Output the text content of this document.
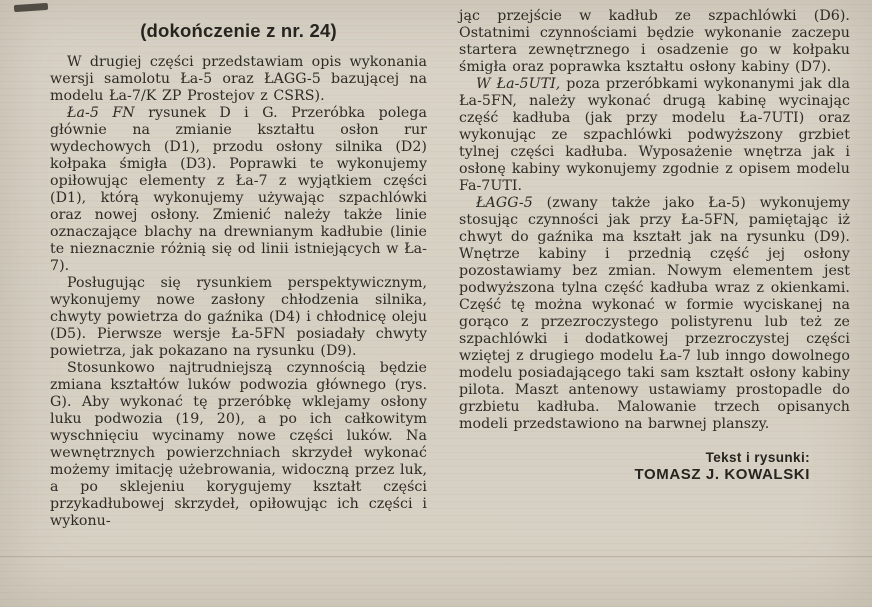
(dokończenie z nr. 24)

W drugiej części przedstawiam opis wykonania wersji samolotu Ła-5 oraz ŁAGG-5 bazującej na modelu Ła-7/K ZP Prostejov z CSRS).

Ła-5 FN rysunek D i G. Przeróbka polega głównie na zmianie kształtu osłon rur wydechowych (D1), przodu osłony silnika (D2) kołpaka śmigła (D3). Poprawki te wykonujemy opiłowując elementy z Ła-7 z wyjątkiem części (D1), którą wykonujemy używając szpachlówki oraz nowej osłony. Zmienić należy także linie oznaczające blachy na drewnianym kadłubie (linie te nieznacznie różnią się od linii istniejących w Ła-7).

Posługując się rysunkiem perspektywicznym, wykonujemy nowe zasłony chłodzenia silnika, chwyty powietrza do gaźnika (D4) i chłodnicę oleju (D5). Pierwsze wersje Ła-5FN posiadały chwyty powietrza, jak pokazano na rysunku (D9).

Stosunkowo najtrudniejszą czynnością będzie zmiana kształtów luków podwozia głównego (rys. G). Aby wykonać tę przeróbkę wklejamy osłony luku podwozia (19, 20), a po ich całkowitym wyschnięciu wycinamy nowe części luków. Na wewnętrznych powierzchniach skrzydeł wykonać możemy imitację użebrowania, widoczną przez luk, a po sklejeniu korygujemy kształt części przykadłubowej skrzydeł, opiłowując ich części i wykonu-

jąc przejście w kadłub ze szpachlówki (D6). Ostatnimi czynnościami będzie wykonanie zaczepu startera zewnętrznego i osadzenie go w kołpaku śmigła oraz poprawka kształtu osłony kabiny (D7).

W Ła-5UTI, poza przeróbkami wykonanymi jak dla Ła-5FN, należy wykonać drugą kabinę wycinając część kadłuba (jak przy modelu Ła-7UTI) oraz wykonując ze szpachlówki podwyższony grzbiet tylnej części kadłuba. Wyposażenie wnętrza jak i osłonę kabiny wykonujemy zgodnie z opisem modelu Fa-7UTI.

ŁAGG-5 (zwany także jako Ła-5) wykonujemy stosując czynności jak przy Ła-5FN, pamiętając iż chwyt do gaźnika ma kształt jak na rysunku (D9). Wnętrze kabiny i przednią część jej osłony pozostawiamy bez zmian. Nowym elementem jest podwyższona tylna część kadłuba wraz z okienkami. Część tę można wykonać w formie wyciskanej na gorąco z przezroczystego polistyrenu lub też ze szpachlówki i dodatkowej przezroczystej części wziętej z drugiego modelu Ła-7 lub inngo dowolnego modelu posiadającego taki sam kształt osłony kabiny pilota. Maszt antenowy ustawiamy prostopadle do grzbietu kadłuba. Malowanie trzech opisanych modeli przedstawiono na barwnej planszy.

Tekst i rysunki:
TOMASZ J. KOWALSKI
